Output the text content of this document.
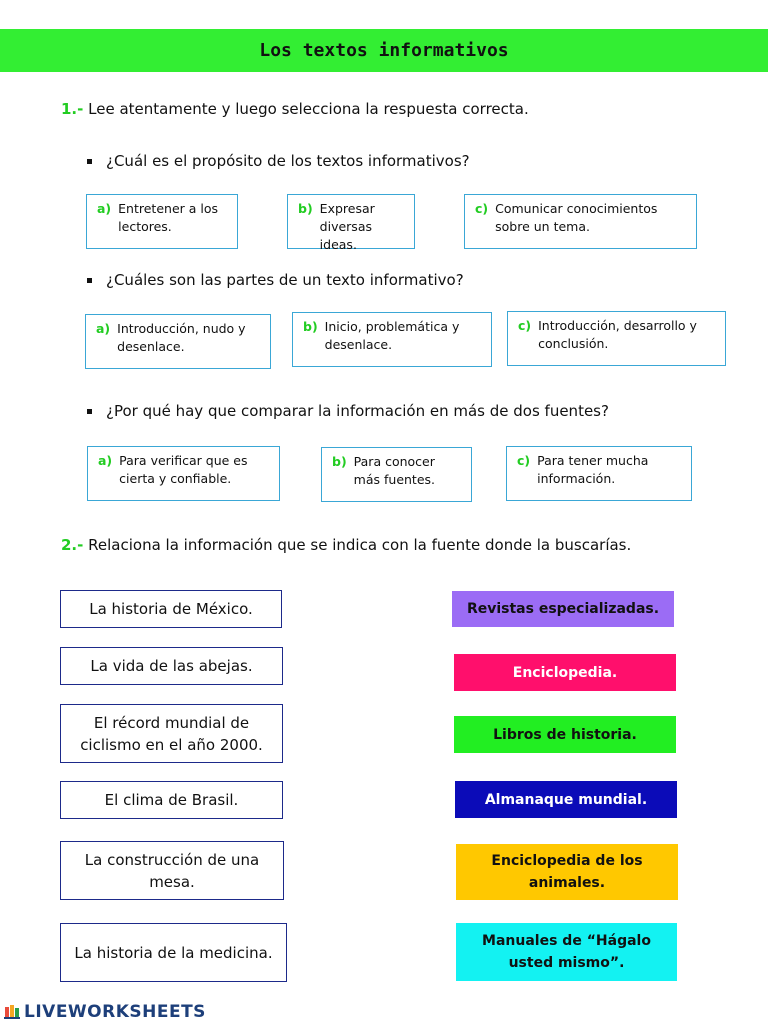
Los textos informativos
1.- Lee atentamente y luego selecciona la respuesta correcta.
¿Cuál es el propósito de los textos informativos?
a) Entretener a los lectores.
b) Expresar diversas ideas.
c) Comunicar conocimientos sobre un tema.
¿Cuáles son las partes de un texto informativo?
a) Introducción, nudo y desenlace.
b) Inicio, problemática y desenlace.
c) Introducción, desarrollo y conclusión.
¿Por qué hay que comparar la información en más de dos fuentes?
a) Para verificar que es cierta y confiable.
b) Para conocer más fuentes.
c) Para tener mucha información.
2.- Relaciona la información que se indica con la fuente donde la buscarías.
La historia de México.
La vida de las abejas.
El récord mundial de ciclismo en el año 2000.
El clima de Brasil.
La construcción de una mesa.
La historia de la medicina.
Revistas especializadas.
Enciclopedia.
Libros de historia.
Almanaque mundial.
Enciclopedia de los animales.
Manuales de “Hágalo usted mismo”.
LIVEWORKSHEETS
